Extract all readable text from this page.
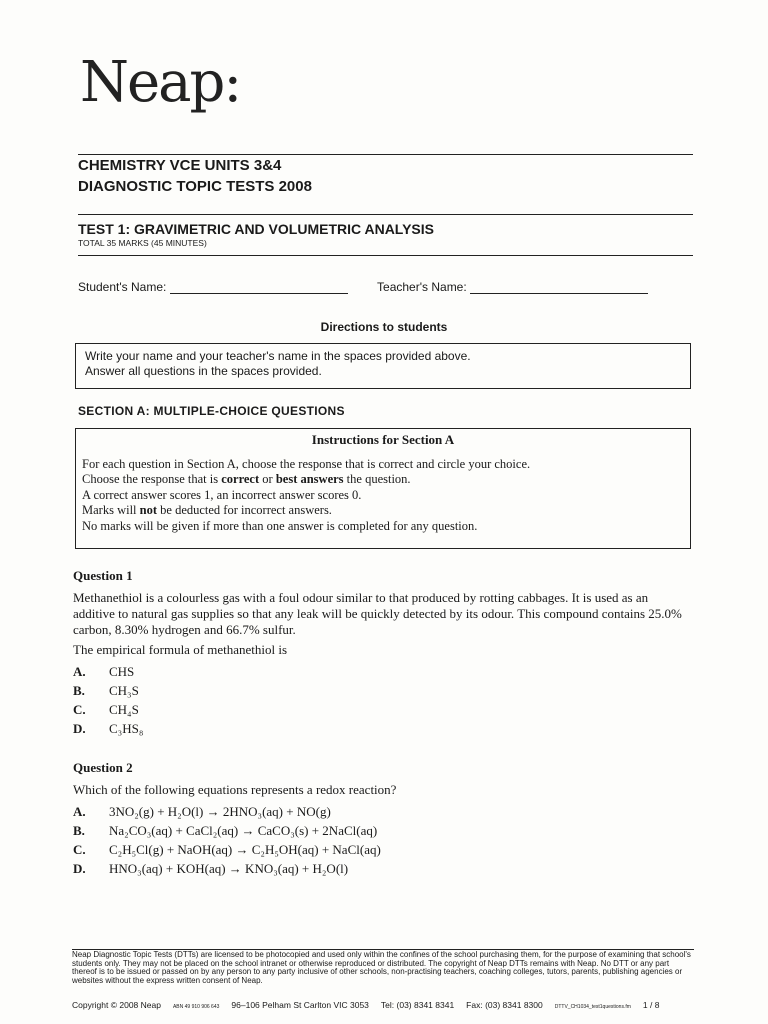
Neap:
CHEMISTRY VCE UNITS 3&4
DIAGNOSTIC TOPIC TESTS 2008
TEST 1: GRAVIMETRIC AND VOLUMETRIC ANALYSIS
TOTAL 35 MARKS (45 MINUTES)
Student's Name:	Teacher's Name:
Directions to students
Write your name and your teacher's name in the spaces provided above.
Answer all questions in the spaces provided.
SECTION A: MULTIPLE-CHOICE QUESTIONS
Instructions for Section A
For each question in Section A, choose the response that is correct and circle your choice.
Choose the response that is correct or best answers the question.
A correct answer scores 1, an incorrect answer scores 0.
Marks will not be deducted for incorrect answers.
No marks will be given if more than one answer is completed for any question.
Question 1
Methanethiol is a colourless gas with a foul odour similar to that produced by rotting cabbages. It is used as an additive to natural gas supplies so that any leak will be quickly detected by its odour. This compound contains 25.0% carbon, 8.30% hydrogen and 66.7% sulfur.
The empirical formula of methanethiol is
A.	CHS
B.	CH₃S
C.	CH₄S
D.	C₃HS₈
Question 2
Which of the following equations represents a redox reaction?
A.	3NO₂(g) + H₂O(l) → 2HNO₃(aq) + NO(g)
B.	Na₂CO₃(aq) + CaCl₂(aq) → CaCO₃(s) + 2NaCl(aq)
C.	C₂H₅Cl(g) + NaOH(aq) → C₂H₅OH(aq) + NaCl(aq)
D.	HNO₃(aq) + KOH(aq) → KNO₃(aq) + H₂O(l)
Neap Diagnostic Topic Tests (DTTs) are licensed to be photocopied and used only within the confines of the school purchasing them, for the purpose of examining that school's students only. They may not be placed on the school intranet or otherwise reproduced or distributed. The copyright of Neap DTTs remains with Neap. No DTT or any part thereof is to be issued or passed on by any person to any party inclusive of other schools, non-practising teachers, coaching colleges, tutors, parents, publishing agencies or websites without the express written consent of Neap.
Copyright © 2008 Neap ABN 49 910 906 643 96–106 Pelham St Carlton VIC 3053 Tel: (03) 8341 8341 Fax: (03) 8341 8300 DTTV_CH1034_test1questions.fm 1 / 8
